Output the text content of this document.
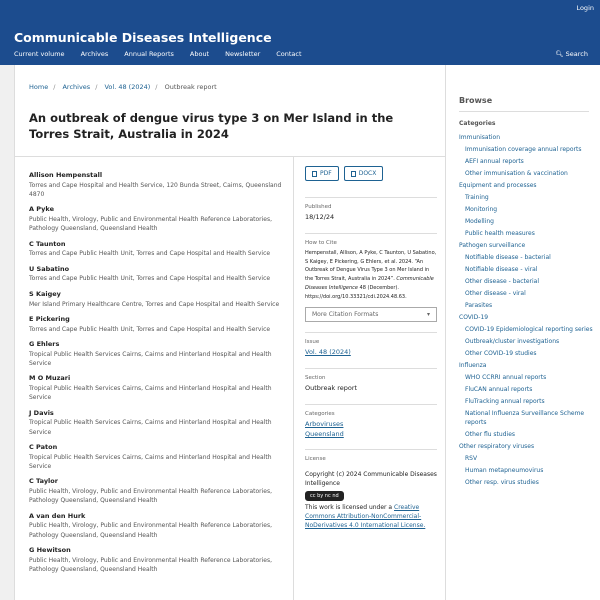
Login
Communicable Diseases Intelligence
Current volume Archives Annual Reports About Newsletter Contact	🔍︎ Search
Home / Archives / Vol. 48 (2024) / Outbreak report
An outbreak of dengue virus type 3 on Mer Island in the Torres Strait, Australia in 2024
Allison Hempenstall
Torres and Cape Hospital and Health Service, 120 Bunda Street, Cairns, Queensland 4870
A Pyke
Public Health, Virology, Public and Environmental Health Reference Laboratories, Pathology Queensland, Queensland Health
C Taunton
Torres and Cape Public Health Unit, Torres and Cape Hospital and Health Service
U Sabatino
Torres and Cape Public Health Unit, Torres and Cape Hospital and Health Service
S Kaigey
Mer Island Primary Healthcare Centre, Torres and Cape Hospital and Health Service
E Pickering
Torres and Cape Public Health Unit, Torres and Cape Hospital and Health Service
G Ehlers
Tropical Public Health Services Cairns, Cairns and Hinterland Hospital and Health Service
M O Muzari
Tropical Public Health Services Cairns, Cairns and Hinterland Hospital and Health Service
J Davis
Tropical Public Health Services Cairns, Cairns and Hinterland Hospital and Health Service
C Paton
Tropical Public Health Services Cairns, Cairns and Hinterland Hospital and Health Service
C Taylor
Public Health, Virology, Public and Environmental Health Reference Laboratories, Pathology Queensland, Queensland Health
A van den Hurk
Public Health, Virology, Public and Environmental Health Reference Laboratories, Pathology Queensland, Queensland Health
G Hewitson
Public Health, Virology, Public and Environmental Health Reference Laboratories, Pathology Queensland, Queensland Health
PDF	DOCX
Published
18/12/24
How to Cite
Hempenstall, Allison, A Pyke, C Taunton, U Sabatino, S Kaigey, E Pickering, G Ehlers, et al. 2024. “An Outbreak of Dengue Virus Type 3 on Mer Island in the Torres Strait, Australia in 2024”. Communicable Diseases Intelligence 48 (December). https://doi.org/10.33321/cdi.2024.48.63.
More Citation Formats	▾
Issue
Vol. 48 (2024)
Section
Outbreak report
Categories
Arboviruses
Queensland
License
Copyright (c) 2024 Communicable Diseases Intelligence
cc by nc nd
This work is licensed under a Creative Commons Attribution-NonCommercial-NoDerivatives 4.0 International License.
Browse
Categories
Immunisation
Immunisation coverage annual reports
AEFI annual reports
Other immunisation & vaccination
Equipment and processes
Training
Monitoring
Modelling
Public health measures
Pathogen surveillance
Notifiable disease - bacterial
Notifiable disease - viral
Other disease - bacterial
Other disease - viral
Parasites
COVID-19
COVID-19 Epidemiological reporting series
Outbreak/cluster investigations
Other COVID-19 studies
Influenza
WHO CCRRI annual reports
FluCAN annual reports
FluTracking annual reports
National Influenza Surveillance Scheme reports
Other flu studies
Other respiratory viruses
RSV
Human metapneumovirus
Other resp. virus studies
